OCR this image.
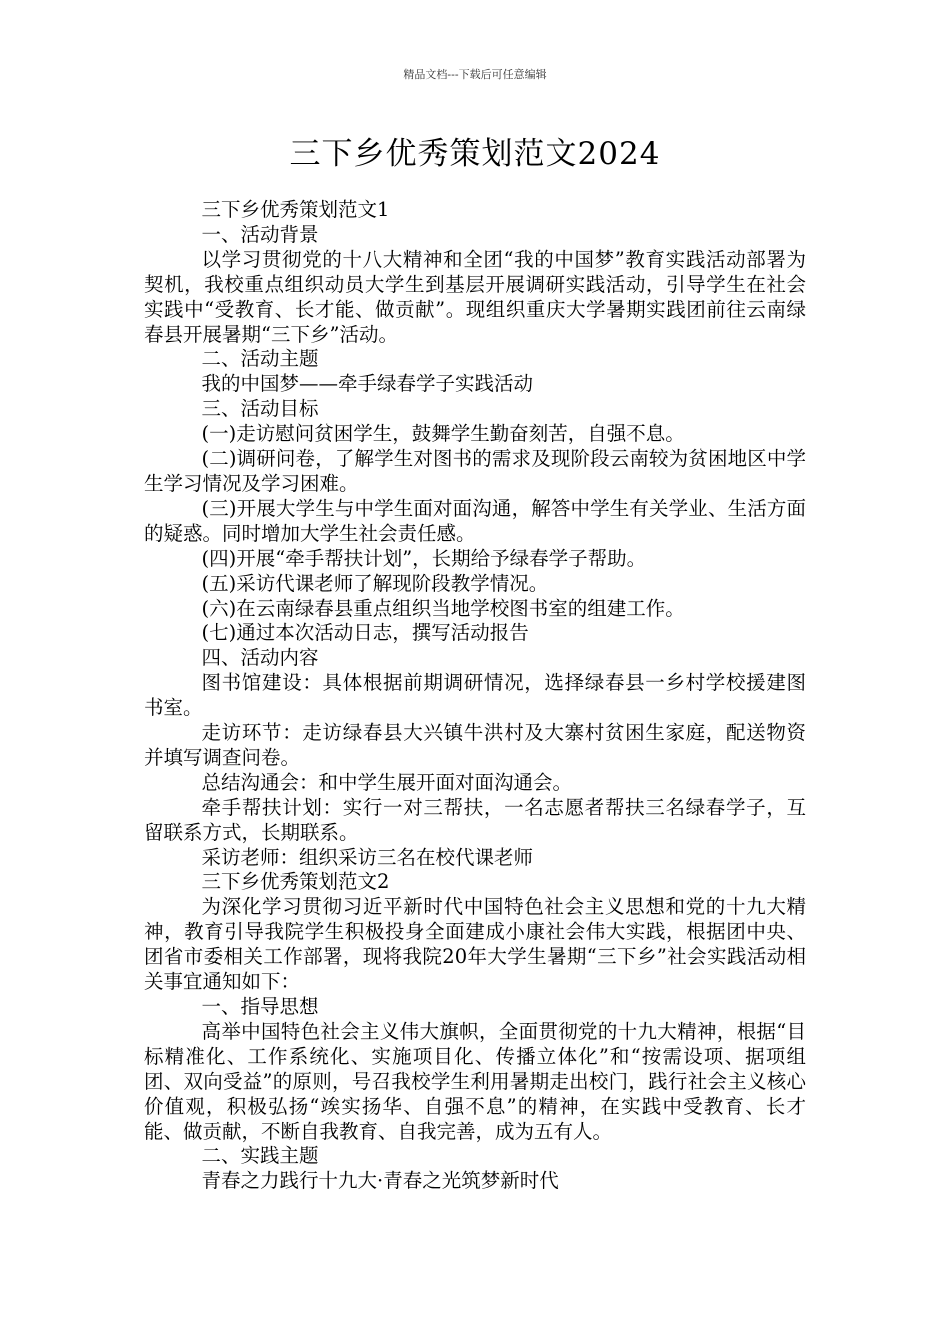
精品文档---下载后可任意编辑
三下乡优秀策划范文2024

三下乡优秀策划范文1

一、活动背景

以学习贯彻党的十八大精神和全团“我的中国梦”教育实践活动部署为契机，我校重点组织动员大学生到基层开展调研实践活动，引导学生在社会实践中“受教育、长才能、做贡献”。现组织重庆大学暑期实践团前往云南绿春县开展暑期“三下乡”活动。

二、活动主题

我的中国梦——牵手绿春学子实践活动

三、活动目标

(一)走访慰问贫困学生，鼓舞学生勤奋刻苦，自强不息。

(二)调研问卷，了解学生对图书的需求及现阶段云南较为贫困地区中学生学习情况及学习困难。

(三)开展大学生与中学生面对面沟通，解答中学生有关学业、生活方面的疑惑。同时增加大学生社会责任感。

(四)开展“牵手帮扶计划”，长期给予绿春学子帮助。

(五)采访代课老师了解现阶段教学情况。

(六)在云南绿春县重点组织当地学校图书室的组建工作。

(七)通过本次活动日志，撰写活动报告

四、活动内容

图书馆建设：具体根据前期调研情况，选择绿春县一乡村学校援建图书室。

走访环节：走访绿春县大兴镇牛洪村及大寨村贫困生家庭，配送物资并填写调查问卷。

总结沟通会：和中学生展开面对面沟通会。

牵手帮扶计划：实行一对三帮扶，一名志愿者帮扶三名绿春学子，互留联系方式，长期联系。

采访老师：组织采访三名在校代课老师

三下乡优秀策划范文2

为深化学习贯彻习近平新时代中国特色社会主义思想和党的十九大精神，教育引导我院学生积极投身全面建成小康社会伟大实践，根据团中央、团省市委相关工作部署，现将我院20年大学生暑期“三下乡”社会实践活动相关事宜通知如下：

一、指导思想

高举中国特色社会主义伟大旗帜，全面贯彻党的十九大精神，根据“目标精准化、工作系统化、实施项目化、传播立体化”和“按需设项、据项组团、双向受益”的原则，号召我校学生利用暑期走出校门，践行社会主义核心价值观，积极弘扬“竢实扬华、自强不息”的精神，在实践中受教育、长才能、做贡献，不断自我教育、自我完善，成为五有人。

二、实践主题

青春之力践行十九大·青春之光筑梦新时代
